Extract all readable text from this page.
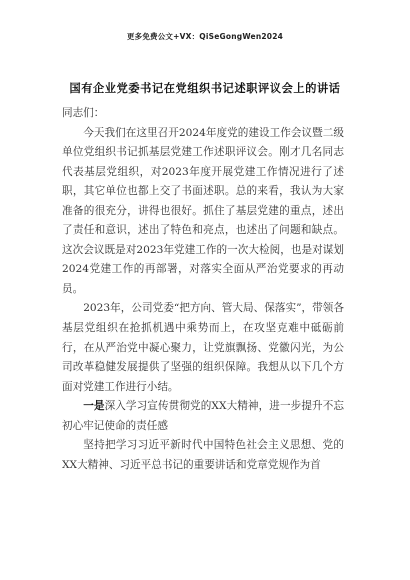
更多免费公文+VX：QiSeGongWen2024
国有企业党委书记在党组织书记述职评议会上的讲话

同志们：

今天我们在这里召开2024年度党的建设工作会议暨二级单位党组织书记抓基层党建工作述职评议会。刚才几名同志代表基层党组织，对2023年度开展党建工作情况进行了述职，其它单位也都上交了书面述职。总的来看，我认为大家准备的很充分，讲得也很好。抓住了基层党建的重点，述出了责任和意识，述出了特色和亮点，也述出了问题和缺点。这次会议既是对2023年党建工作的一次大检阅，也是对谋划2024党建工作的再部署，对落实全面从严治党要求的再动员。

2023年，公司党委“把方向、管大局、保落实”，带领各基层党组织在抢抓机遇中乘势而上，在攻坚克难中砥砺前行，在从严治党中凝心聚力，让党旗飘扬、党徽闪光，为公司改革稳健发展提供了坚强的组织保障。我想从以下几个方面对党建工作进行小结。

一是深入学习宣传贯彻党的XX大精神，进一步提升不忘初心牢记使命的责任感

坚持把学习习近平新时代中国特色社会主义思想、党的XX大精神、习近平总书记的重要讲话和党章党规作为首
